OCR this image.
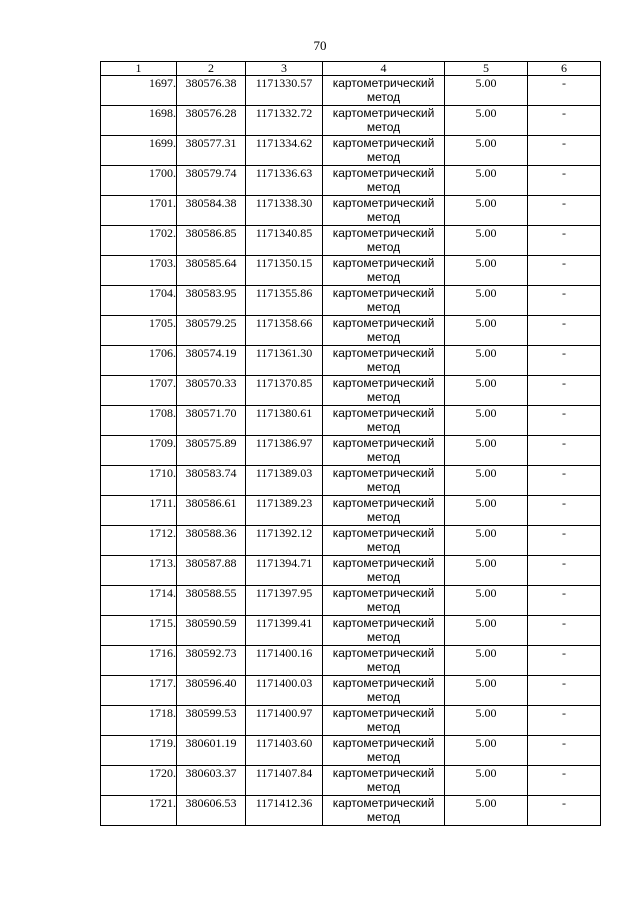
70
1	2	3	4	5	6
1697.	380576.38	1171330.57	картометрический метод	5.00	-
1698.	380576.28	1171332.72	картометрический метод	5.00	-
1699.	380577.31	1171334.62	картометрический метод	5.00	-
1700.	380579.74	1171336.63	картометрический метод	5.00	-
1701.	380584.38	1171338.30	картометрический метод	5.00	-
1702.	380586.85	1171340.85	картометрический метод	5.00	-
1703.	380585.64	1171350.15	картометрический метод	5.00	-
1704.	380583.95	1171355.86	картометрический метод	5.00	-
1705.	380579.25	1171358.66	картометрический метод	5.00	-
1706.	380574.19	1171361.30	картометрический метод	5.00	-
1707.	380570.33	1171370.85	картометрический метод	5.00	-
1708.	380571.70	1171380.61	картометрический метод	5.00	-
1709.	380575.89	1171386.97	картометрический метод	5.00	-
1710.	380583.74	1171389.03	картометрический метод	5.00	-
1711.	380586.61	1171389.23	картометрический метод	5.00	-
1712.	380588.36	1171392.12	картометрический метод	5.00	-
1713.	380587.88	1171394.71	картометрический метод	5.00	-
1714.	380588.55	1171397.95	картометрический метод	5.00	-
1715.	380590.59	1171399.41	картометрический метод	5.00	-
1716.	380592.73	1171400.16	картометрический метод	5.00	-
1717.	380596.40	1171400.03	картометрический метод	5.00	-
1718.	380599.53	1171400.97	картометрический метод	5.00	-
1719.	380601.19	1171403.60	картометрический метод	5.00	-
1720.	380603.37	1171407.84	картометрический метод	5.00	-
1721.	380606.53	1171412.36	картометрический метод	5.00	-
